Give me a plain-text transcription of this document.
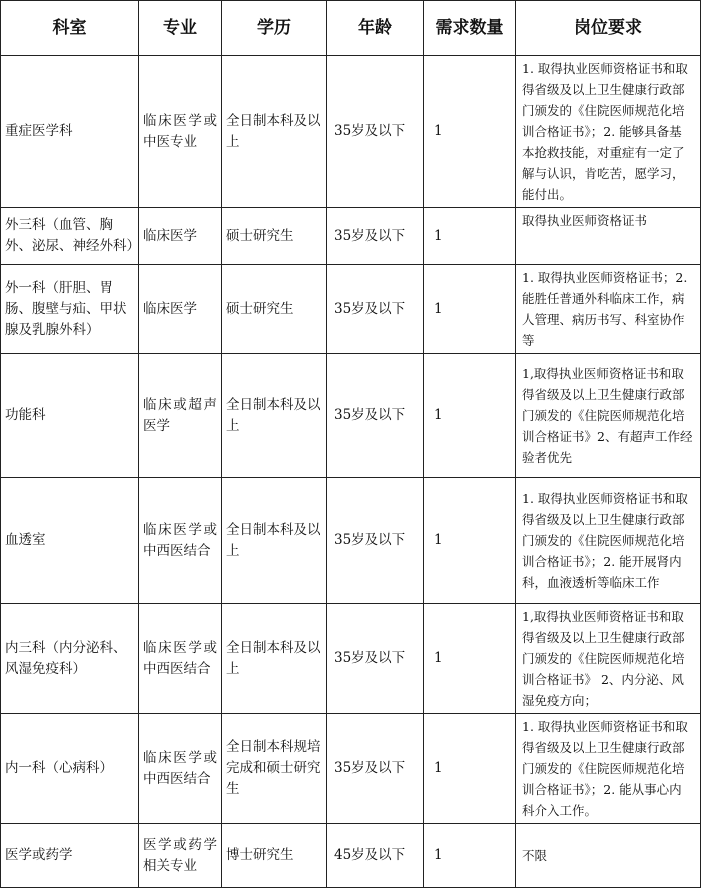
科室	专业	学历	年龄	需求数量	岗位要求
重症医学科	临床医学或中医专业	全日制本科及以上	35岁及以下	1	1. 取得执业医师资格证书和取得省级及以上卫生健康行政部门颁发的《住院医师规范化培训合格证书》；2. 能够具备基本抢救技能，对重症有一定了解与认识，肯吃苦，愿学习，能付出。
外三科（血管、胸外、泌尿、神经外科）	临床医学	硕士研究生	35岁及以下	1	取得执业医师资格证书
外一科（肝胆、胃肠、腹壁与疝、甲状腺及乳腺外科）	临床医学	硕士研究生	35岁及以下	1	1. 取得执业医师资格证书；2.能胜任普通外科临床工作，病人管理、病历书写、科室协作等
功能科	临床或超声医学	全日制本科及以上	35岁及以下	1	1,取得执业医师资格证书和取得省级及以上卫生健康行政部门颁发的《住院医师规范化培训合格证书》2、有超声工作经验者优先
血透室	临床医学或中西医结合	全日制本科及以上	35岁及以下	1	1. 取得执业医师资格证书和取得省级及以上卫生健康行政部门颁发的《住院医师规范化培训合格证书》；2. 能开展肾内科，血液透析等临床工作
内三科（内分泌科、风湿免疫科）	临床医学或中西医结合	全日制本科及以上	35岁及以下	1	1,取得执业医师资格证书和取得省级及以上卫生健康行政部门颁发的《住院医师规范化培训合格证书》 2、内分泌、风湿免疫方向；
内一科（心病科）	临床医学或中西医结合	全日制本科规培完成和硕士研究生	35岁及以下	1	1. 取得执业医师资格证书和取得省级及以上卫生健康行政部门颁发的《住院医师规范化培训合格证书》；2. 能从事心内科介入工作。
医学或药学	医学或药学相关专业	博士研究生	45岁及以下	1	不限
